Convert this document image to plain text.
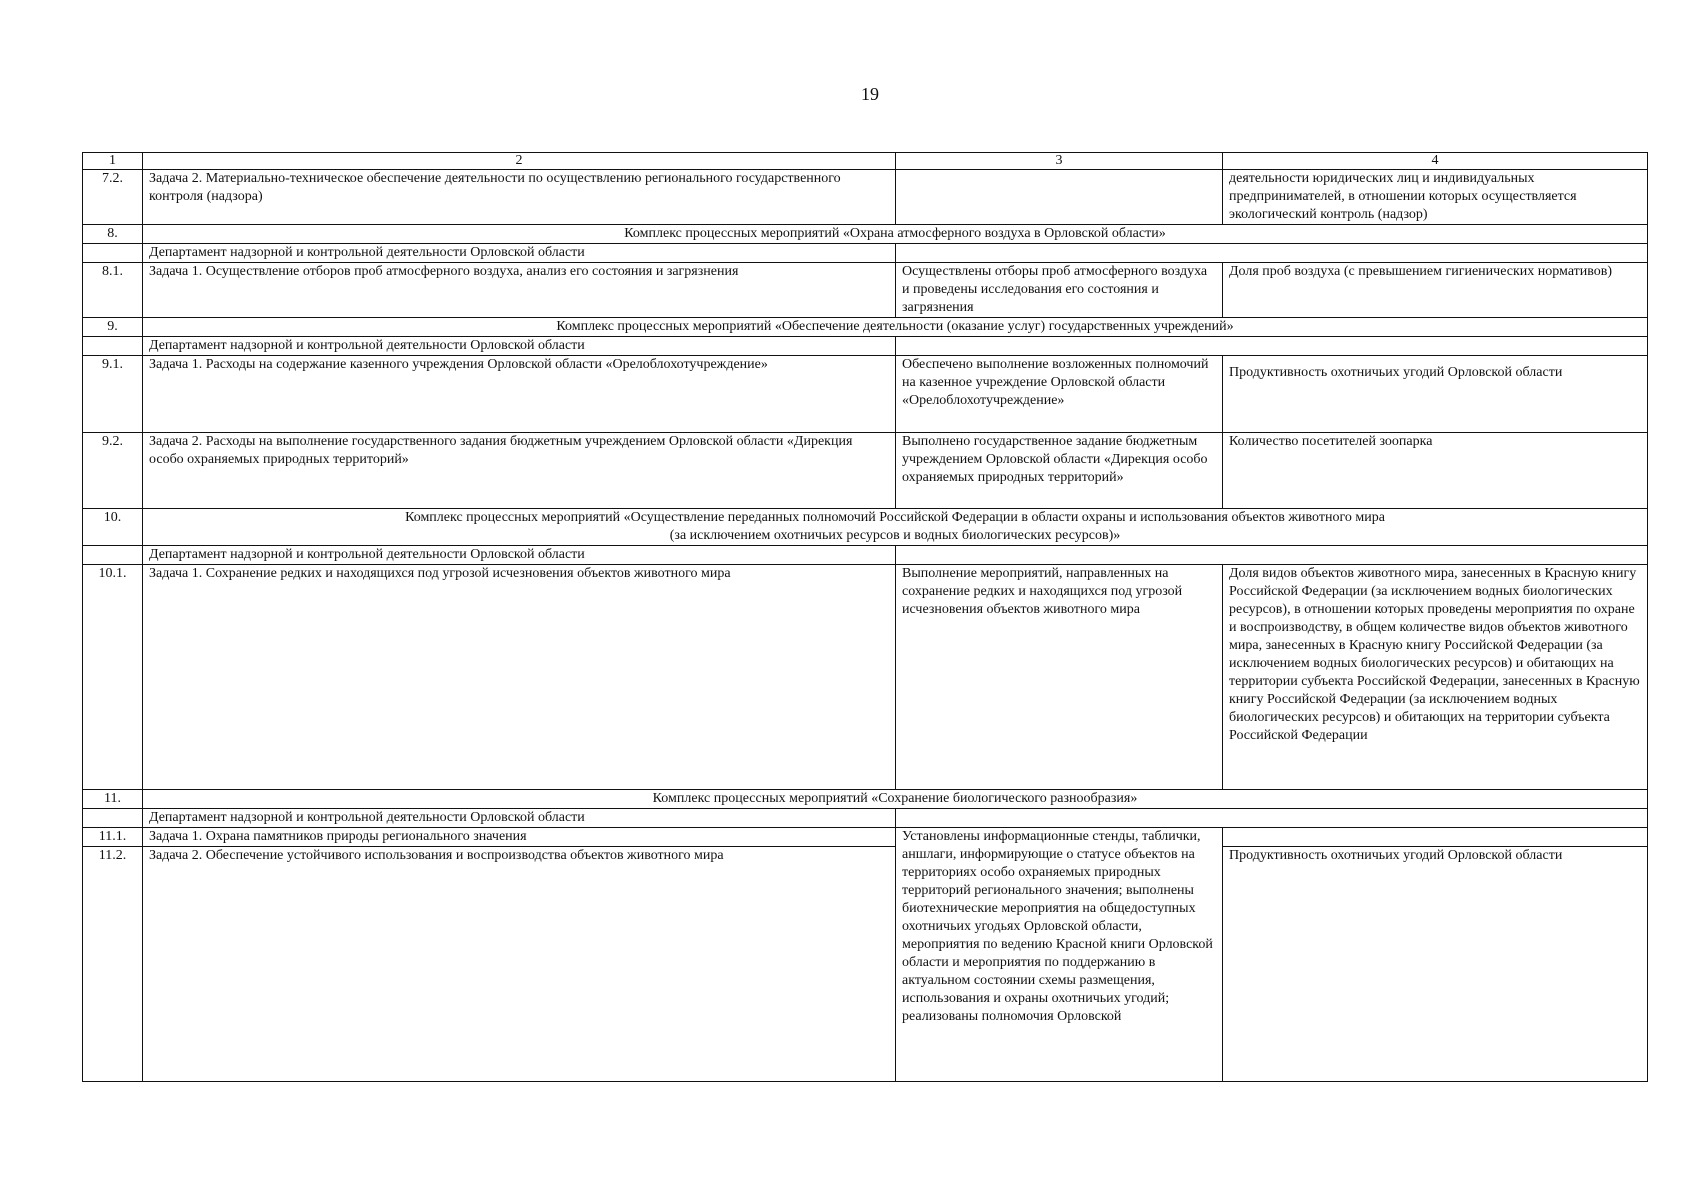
19
1	2	3	4
7.2.	Задача 2. Материально-техническое обеспечение деятельности по осуществлению регионального государственного контроля (надзора)		деятельности юридических лиц и индивидуальных предпринимателей, в отношении которых осуществляется экологический контроль (надзор)
8.	Комплекс процессных мероприятий «Охрана атмосферного воздуха в Орловской области»		
	Департамент надзорной и контрольной деятельности Орловской области		
8.1.	Задача 1. Осуществление отборов проб атмосферного воздуха, анализ его состояния и загрязнения	Осуществлены отборы проб атмосферного воздуха и проведены исследования его состояния и загрязнения	Доля проб воздуха (с превышением гигиенических нормативов)
9.	Комплекс процессных мероприятий «Обеспечение деятельности (оказание услуг) государственных учреждений»		
	Департамент надзорной и контрольной деятельности Орловской области		
9.1.	Задача 1. Расходы на содержание казенного учреждения Орловской области «Орелоблохотучреждение»	Обеспечено выполнение возложенных полномочий на казенное учреждение Орловской области «Орелоблохотучреждение»	Продуктивность охотничьих угодий Орловской области
9.2.	Задача 2. Расходы на выполнение государственного задания бюджетным учреждением Орловской области «Дирекция особо охраняемых природных территорий»	Выполнено государственное задание бюджетным учреждением Орловской области «Дирекция особо охраняемых природных территорий»	Количество посетителей зоопарка
10.	Комплекс процессных мероприятий «Осуществление переданных полномочий Российской Федерации в области охраны и использования объектов животного мира
(за исключением охотничьих ресурсов и водных биологических ресурсов)»		

	Департамент надзорной и контрольной деятельности Орловской области		
10.1.	Задача 1. Сохранение редких и находящихся под угрозой исчезновения объектов животного мира	Выполнение мероприятий, направленных на сохранение редких и находящихся под угрозой исчезновения объектов животного мира	Доля видов объектов животного мира, занесенных в Красную книгу Российской Федерации (за исключением водных биологических ресурсов), в отношении которых проведены мероприятия по охране и воспроизводству, в общем количестве видов объектов животного мира, занесенных в Красную книгу Российской Федерации (за исключением водных биологических ресурсов) и обитающих на территории субъекта Российской Федерации, занесенных в Красную книгу Российской Федерации (за исключением водных биологических ресурсов) и обитающих на территории субъекта Российской Федерации
11.	Комплекс процессных мероприятий «Сохранение биологического разнообразия»		
	Департамент надзорной и контрольной деятельности Орловской области		
11.1.	Задача 1. Охрана памятников природы регионального значения	Установлены информационные стенды, таблички, аншлаги, информирующие о статусе объектов на территориях особо охраняемых природных территорий регионального значения; выполнены биотехнические мероприятия на общедоступных охотничьих угодьях Орловской области, мероприятия по ведению Красной книги Орловской области и мероприятия по поддержанию в актуальном состоянии схемы размещения, использования и охраны охотничьих угодий; реализованы полномочия Орловской	
11.2.	Задача 2. Обеспечение устойчивого использования и воспроизводства объектов животного мира		Продуктивность охотничьих угодий Орловской области
